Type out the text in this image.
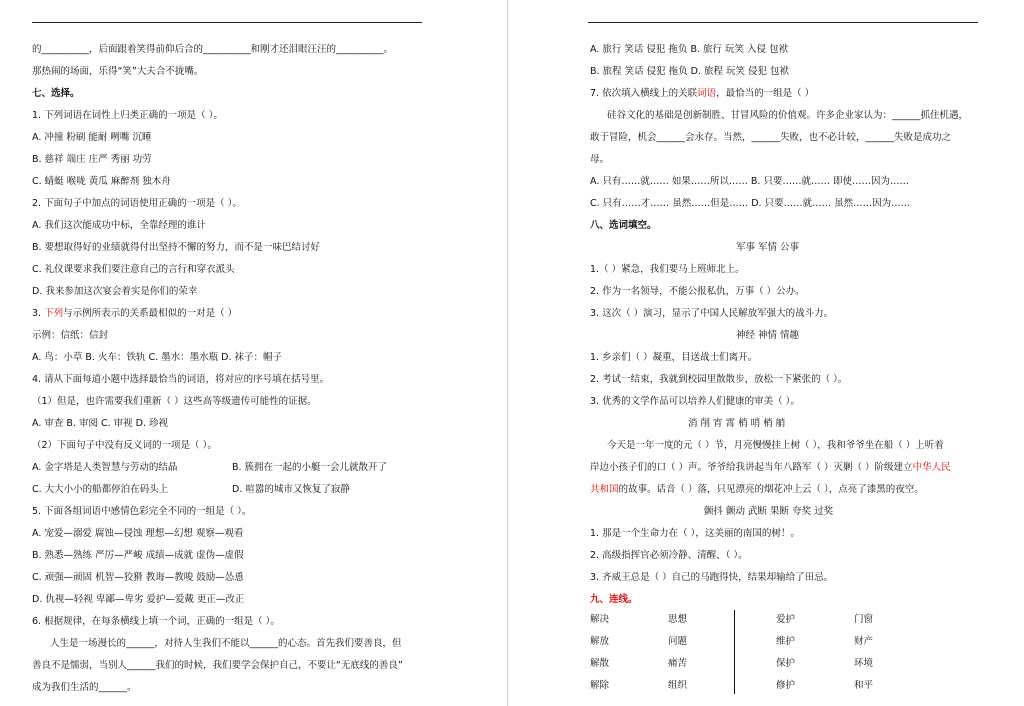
的__________，后面跟着笑得前仰后合的__________和刚才还泪眼汪汪的__________。
那热闹的场面，乐得“笑”大夫合不拢嘴。
七、选择。
1. 下列词语在词性上归类正确的一项是（ ）。
A. 冲撞 粉刷 能耐 咧嘴 沉睡
B. 慈祥 端庄 庄严 秀丽 功劳
C. 蜻蜓 喉咙 黄瓜 麻醉剂 独木舟
2. 下面句子中加点的词语使用正确的一项是（ ）。
A. 我们这次能成功中标，全靠经理的谁计
B. 要想取得好的业绩就得付出坚持不懈的努力，而不是一味巴结讨好
C. 礼仪课要求我们要注意自己的言行和穿衣派头
D. 我来参加这次宴会着实是你们的荣幸
3. 下列与示例所表示的关系最相似的一对是（ ）
示例：信纸：信封
A. 鸟：小草 B. 火车：铁轨 C. 墨水：墨水瓶 D. 袜子：帽子
4. 请从下面每道小题中选择最恰当的词语，将对应的序号填在括号里。
（1）但是，也许需要我们重新（ ）这些高等级遗传可能性的证据。
A. 审查 B. 审阅 C. 审视 D. 珍视
（2）下面句子中没有反义词的一项是（ ）。
A. 金字塔是人类智慧与劳动的结晶	B. 簇拥在一起的小艇一会儿就散开了
C. 大大小小的船都停泊在码头上	D. 喧嚣的城市又恢复了寂静
5. 下面各组词语中感情色彩完全不同的一组是（ ）。
A. 宠爱—溺爱 腐蚀—侵蚀 理想—幻想 观察—观看
B. 熟悉—熟练 严厉—严峻 成绩—成就 虚伪—虚假
C. 顽强—顽固 机智—狡猾 教诲—教唆 鼓励—怂恿
D. 仇视—轻视 卑鄙—卑劣 爱护—爱戴 更正—改正
6. 根据规律，在每条横线上填一个词，正确的一组是（ ）。
人生是一场漫长的______，对待人生我们不能以______的心态。首先我们要善良，但
善良不是懦弱，当别人______我们的时候，我们要学会保护自己，不要让“无底线的善良”
成为我们生活的______。
A. 旅行 笑话 侵犯 拖负 B. 旅行 玩笑 入侵 包袱
B. 旅程 笑话 侵犯 拖负 D. 旅程 玩笑 侵犯 包袱
7. 依次填入横线上的关联词语，最恰当的一组是（ ）
硅谷文化的基础是创新制胜、甘冒风险的价值观。许多企业家认为：______抓住机遇，
敢于冒险，机会______会永存。当然，______失败，也不必计较，______失败是成功之
母。
A. 只有……就…… 如果……所以…… B. 只要……就…… 即使……因为……
C. 只有……才…… 虽然……但是…… D. 只要……就…… 虽然……因为……
八、选词填空。
军事 军情 公事
1.（ ）紧急，我们要马上班师北上。
2. 作为一名领导，不能公报私仇，万事（ ）公办。
3. 这次（ ）演习，显示了中国人民解放军强大的战斗力。
神经 神情 情趣
1. 乡亲们（ ）凝重，目送战士们离开。
2. 考试一结束，我就到校园里散散步，放松一下紧张的（ ）。
3. 优秀的文学作品可以培养人们健康的审美（ ）。
消 削 宵 霄 梢 哨 梢 艄
今天是一年一度的元（ ）节，月亮慢慢挂上树（ ），我和爷爷坐在船（ ）上听着
岸边小孩子们的口（ ）声。爷爷给我讲起当年八路军（ ）灭剿（ ）阶级建立中华人民
共和国的故事。话音（ ）落，只见漂亮的烟花冲上云（ ），点亮了漆黑的夜空。
颤抖 颤动 武断 果断 夸奖 过奖
1. 那是一个生命力在（ ），这美丽的南国的树！。
2. 高级指挥官必须冷静、清醒、（ ）。
3. 齐威王总是（ ）自己的马跑得快，结果却输给了田忌。
九、连线。
解决	思想	爱护	门窗
解放	问题	维护	财产
解散	痛苦	保护	环境
解除	组织	修护	和平
